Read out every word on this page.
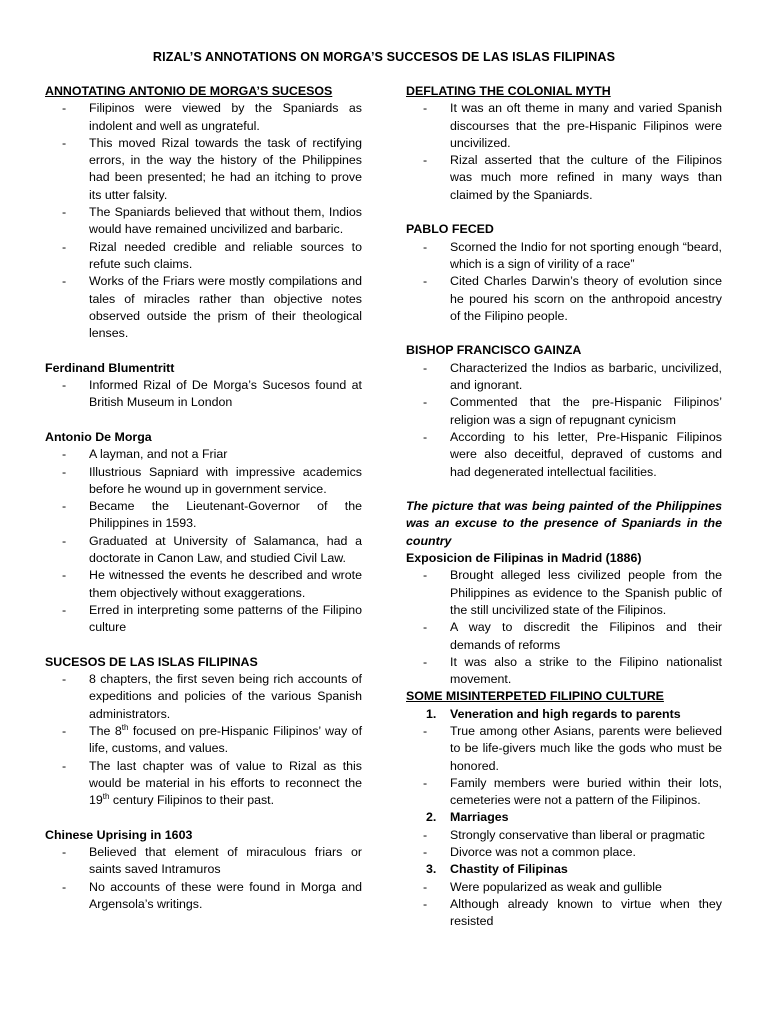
RIZAL’S ANNOTATIONS ON MORGA’S SUCCESOS DE LAS ISLAS FILIPINAS
ANNOTATING ANTONIO DE MORGA’S SUCESOS
- Filipinos were viewed by the Spaniards as indolent and well as ungrateful.
- This moved Rizal towards the task of rectifying errors, in the way the history of the Philippines had been presented; he had an itching to prove its utter falsity.
- The Spaniards believed that without them, Indios would have remained uncivilized and barbaric.
- Rizal needed credible and reliable sources to refute such claims.
- Works of the Friars were mostly compilations and tales of miracles rather than objective notes observed outside the prism of their theological lenses.
Ferdinand Blumentritt
- Informed Rizal of De Morga’s Sucesos found at British Museum in London
Antonio De Morga
- A layman, and not a Friar
- Illustrious Sapniard with impressive academics before he wound up in government service.
- Became the Lieutenant-Governor of the Philippines in 1593.
- Graduated at University of Salamanca, had a doctorate in Canon Law, and studied Civil Law.
- He witnessed the events he described and wrote them objectively without exaggerations.
- Erred in interpreting some patterns of the Filipino culture
SUCESOS DE LAS ISLAS FILIPINAS
- 8 chapters, the first seven being rich accounts of expeditions and policies of the various Spanish administrators.
- The 8th focused on pre-Hispanic Filipinos’ way of life, customs, and values.
- The last chapter was of value to Rizal as this would be material in his efforts to reconnect the 19th century Filipinos to their past.
Chinese Uprising in 1603
- Believed that element of miraculous friars or saints saved Intramuros
- No accounts of these were found in Morga and Argensola’s writings.
DEFLATING THE COLONIAL MYTH
- It was an oft theme in many and varied Spanish discourses that the pre-Hispanic Filipinos were uncivilized.
- Rizal asserted that the culture of the Filipinos was much more refined in many ways than claimed by the Spaniards.
PABLO FECED
- Scorned the Indio for not sporting enough “beard, which is a sign of virility of a race”
- Cited Charles Darwin’s theory of evolution since he poured his scorn on the anthropoid ancestry of the Filipino people.
BISHOP FRANCISCO GAINZA
- Characterized the Indios as barbaric, uncivilized, and ignorant.
- Commented that the pre-Hispanic Filipinos’ religion was a sign of repugnant cynicism
- According to his letter, Pre-Hispanic Filipinos were also deceitful, depraved of customs and had degenerated intellectual facilities.

The picture that was being painted of the Philippines was an excuse to the presence of Spaniards in the country

Exposicion de Filipinas in Madrid (1886)
- Brought alleged less civilized people from the Philippines as evidence to the Spanish public of the still uncivilized state of the Filipinos.
- A way to discredit the Filipinos and their demands of reforms
- It was also a strike to the Filipino nationalist movement.
SOME MISINTERPETED FILIPINO CULTURE
1. Veneration and high regards to parents
- True among other Asians, parents were believed to be life-givers much like the gods who must be honored.
- Family members were buried within their lots, cemeteries were not a pattern of the Filipinos.
2. Marriages
- Strongly conservative than liberal or pragmatic
- Divorce was not a common place.
3. Chastity of Filipinas
- Were popularized as weak and gullible
- Although already known to virtue when they resisted
